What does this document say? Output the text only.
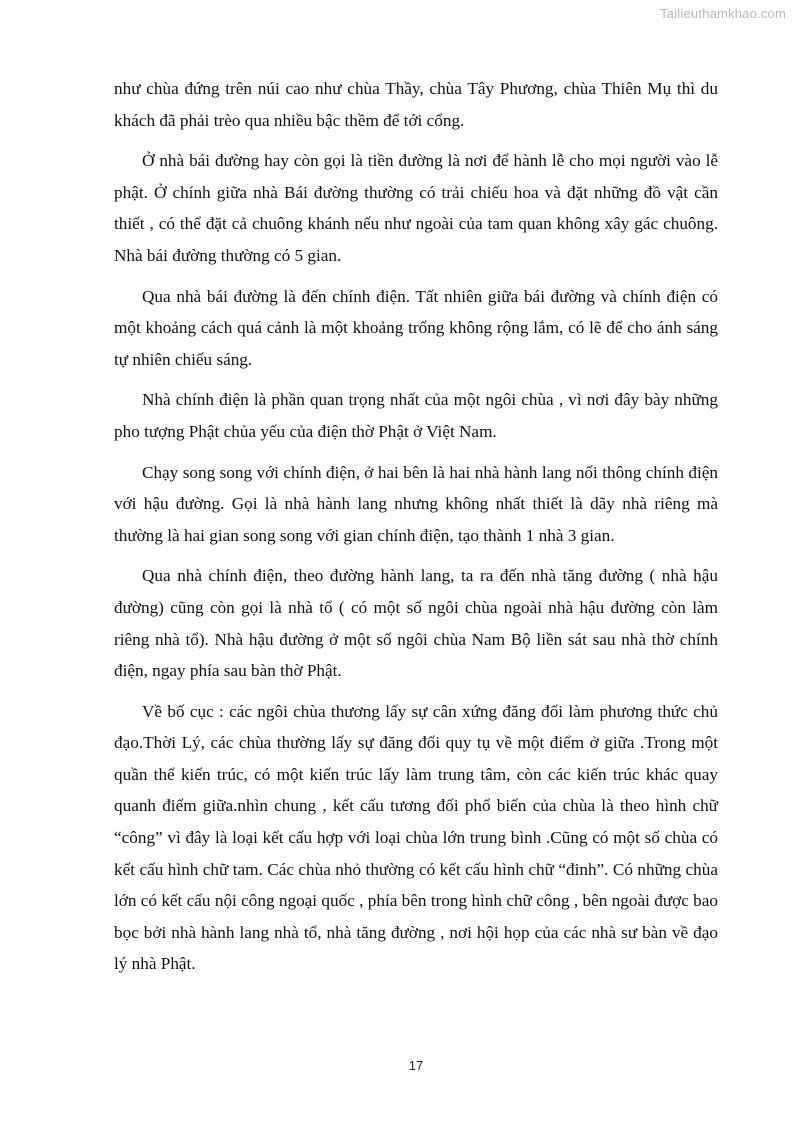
Tailieuthamkhao.com

như chùa đứng trên núi cao như chùa Thầy, chùa Tây Phương, chùa Thiên Mụ thì du khách đã phải trèo qua nhiều bậc thềm để tới cổng.

Ở nhà bái đường hay còn gọi là tiền đường là nơi để hành lễ cho mọi người vào lễ phật. Ở chính giữa nhà Bái đường thường có trải chiếu hoa và đặt những đồ vật cần thiết , có thể đặt cả chuông khánh nếu như ngoài của tam quan không xây gác chuông. Nhà bái đường thường có 5 gian.

Qua nhà bái đường là đến chính điện. Tất nhiên giữa bái đường và chính điện có một khoảng cách quá cảnh là một khoảng trống không rộng lắm, có lẽ để cho ánh sáng tự nhiên chiếu sáng.

Nhà chính điện là phần quan trọng nhất của một ngôi chùa , vì nơi đây bày những pho tượng Phật chủa yếu của điện thờ Phật ở Việt Nam.

Chạy song song với chính điện, ở hai bên là hai nhà hành lang nối thông chính điện với hậu đường. Gọi là nhà hành lang nhưng không nhất thiết là dãy nhà riêng mà thường là hai gian song song với gian chính điện, tạo thành 1 nhà 3 gian.

Qua nhà chính điện, theo đường hành lang, ta ra đến nhà tăng đường ( nhà hậu đường) cũng còn gọi là nhà tổ ( có một số ngôi chùa ngoài nhà hậu đường còn làm riêng nhà tổ). Nhà hậu đường ở một số ngôi chùa Nam Bộ liền sát sau nhà thờ chính điện, ngay phía sau bàn thờ Phật.

Về bố cục : các ngôi chùa thương lấy sự cân xứng đăng đối làm phương thức chủ đạo.Thời Lý, các chùa thường lấy sự đăng đối quy tụ về một điểm ở giữa .Trong một quần thể kiến trúc, có một kiến trúc lấy làm trung tâm, còn các kiến trúc khác quay quanh điểm giữa.nhìn chung , kết cấu tương đối phổ biến của chùa là theo hình chữ “công” vì đây là loại kết cấu hợp với loại chùa lớn trung bình .Cũng có một số chùa có kết cấu hình chữ tam. Các chùa nhỏ thường có kết cấu hình chữ “đinh”. Có những chùa lớn có kết cấu nội công ngoại quốc , phía bên trong hình chữ công , bên ngoài được bao bọc bởi nhà hành lang nhà tổ, nhà tăng đường , nơi hội họp của các nhà sư bàn về đạo lý nhà Phật.

17
